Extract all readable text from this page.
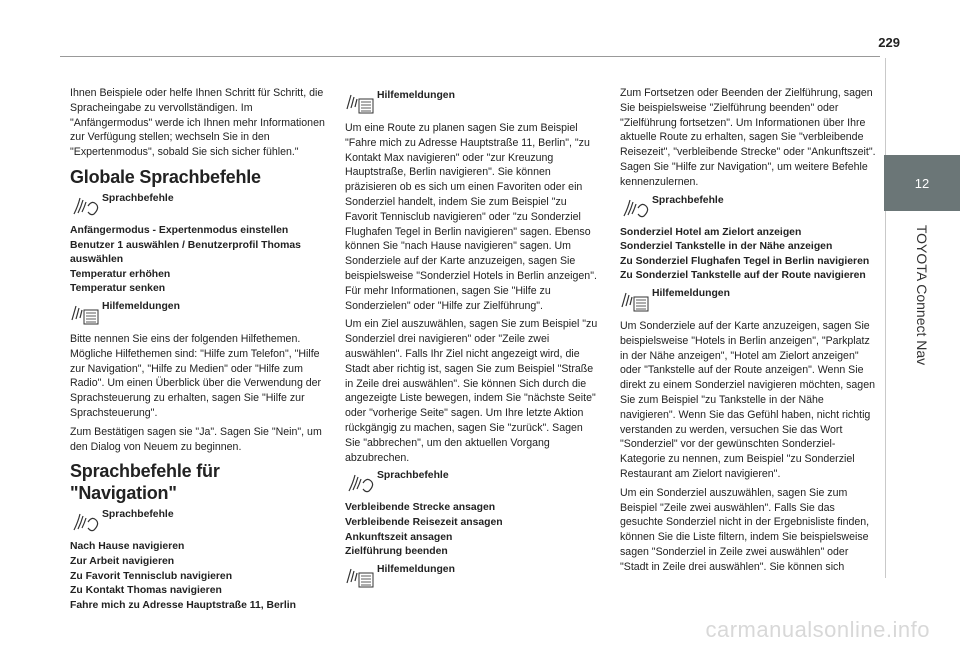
229
12
TOYOTA Connect Nav

Ihnen Beispiele oder helfe Ihnen Schritt für Schritt, die Spracheingabe zu vervollständigen. Im "Anfängermodus" werde ich Ihnen mehr Informationen zur Verfügung stellen; wechseln Sie in den "Expertenmodus", sobald Sie sich sicher fühlen."

Globale Sprachbefehle
Sprachbefehle
Anfängermodus - Expertenmodus einstellen
Benutzer 1 auswählen / Benutzerprofil Thomas auswählen
Temperatur erhöhen
Temperatur senken
Hilfemeldungen

Bitte nennen Sie eins der folgenden Hilfethemen. Mögliche Hilfethemen sind: "Hilfe zum Telefon", "Hilfe zur Navigation", "Hilfe zu Medien" oder "Hilfe zum Radio". Um einen Überblick über die Verwendung der Sprachsteuerung zu erhalten, sagen Sie "Hilfe zur Sprachsteuerung".

Zum Bestätigen sagen sie "Ja". Sagen Sie "Nein", um den Dialog von Neuem zu beginnen.

Sprachbefehle für "Navigation"
Sprachbefehle
Nach Hause navigieren
Zur Arbeit navigieren
Zu Favorit Tennisclub navigieren
Zu Kontakt Thomas navigieren
Fahre mich zu Adresse Hauptstraße 11, Berlin
Hilfemeldungen

Um eine Route zu planen sagen Sie zum Beispiel "Fahre mich zu Adresse Hauptstraße 11, Berlin", "zu Kontakt Max navigieren" oder "zur Kreuzung Hauptstraße, Berlin navigieren". Sie können präzisieren ob es sich um einen Favoriten oder ein Sonderziel handelt, indem Sie zum Beispiel "zu Favorit Tennisclub navigieren" oder "zu Sonderziel Flughafen Tegel in Berlin navigieren" sagen. Ebenso können Sie "nach Hause navigieren" sagen. Um Sonderziele auf der Karte anzuzeigen, sagen Sie beispielsweise "Sonderziel Hotels in Berlin anzeigen". Für mehr Informationen, sagen Sie "Hilfe zu Sonderzielen" oder "Hilfe zur Zielführung".

Um ein Ziel auszuwählen, sagen Sie zum Beispiel "zu Sonderziel drei navigieren" oder "Zeile zwei auswählen". Falls Ihr Ziel nicht angezeigt wird, die Stadt aber richtig ist, sagen Sie zum Beispiel "Straße in Zeile drei auswählen". Sie können Sich durch die angezeigte Liste bewegen, indem Sie "nächste Seite" oder "vorherige Seite" sagen. Um Ihre letzte Aktion rückgängig zu machen, sagen Sie "zurück". Sagen Sie "abbrechen", um den aktuellen Vorgang abzubrechen.

Sprachbefehle
Verbleibende Strecke ansagen
Verbleibende Reisezeit ansagen
Ankunftszeit ansagen
Zielführung beenden
Hilfemeldungen

Zum Fortsetzen oder Beenden der Zielführung, sagen Sie beispielsweise "Zielführung beenden" oder "Zielführung fortsetzen". Um Informationen über Ihre aktuelle Route zu erhalten, sagen Sie "verbleibende Reisezeit", "verbleibende Strecke" oder "Ankunftszeit". Sagen Sie "Hilfe zur Navigation", um weitere Befehle kennenzulernen.

Sprachbefehle
Sonderziel Hotel am Zielort anzeigen
Sonderziel Tankstelle in der Nähe anzeigen
Zu Sonderziel Flughafen Tegel in Berlin navigieren
Zu Sonderziel Tankstelle auf der Route navigieren
Hilfemeldungen

Um Sonderziele auf der Karte anzuzeigen, sagen Sie beispielsweise "Hotels in Berlin anzeigen", "Parkplatz in der Nähe anzeigen", "Hotel am Zielort anzeigen" oder "Tankstelle auf der Route anzeigen". Wenn Sie direkt zu einem Sonderziel navigieren möchten, sagen Sie zum Beispiel "zu Tankstelle in der Nähe navigieren". Wenn Sie das Gefühl haben, nicht richtig verstanden zu werden, versuchen Sie das Wort "Sonderziel" vor der gewünschten Sonderziel-Kategorie zu nennen, zum Beispiel "zu Sonderziel Restaurant am Zielort navigieren".

Um ein Sonderziel auszuwählen, sagen Sie zum Beispiel "Zeile zwei auswählen". Falls Sie das gesuchte Sonderziel nicht in der Ergebnisliste finden, können Sie die Liste filtern, indem Sie beispielsweise sagen "Sonderziel in Zeile zwei auswählen" oder "Stadt in Zeile drei auswählen". Sie können sich

carmanualsonline.info
